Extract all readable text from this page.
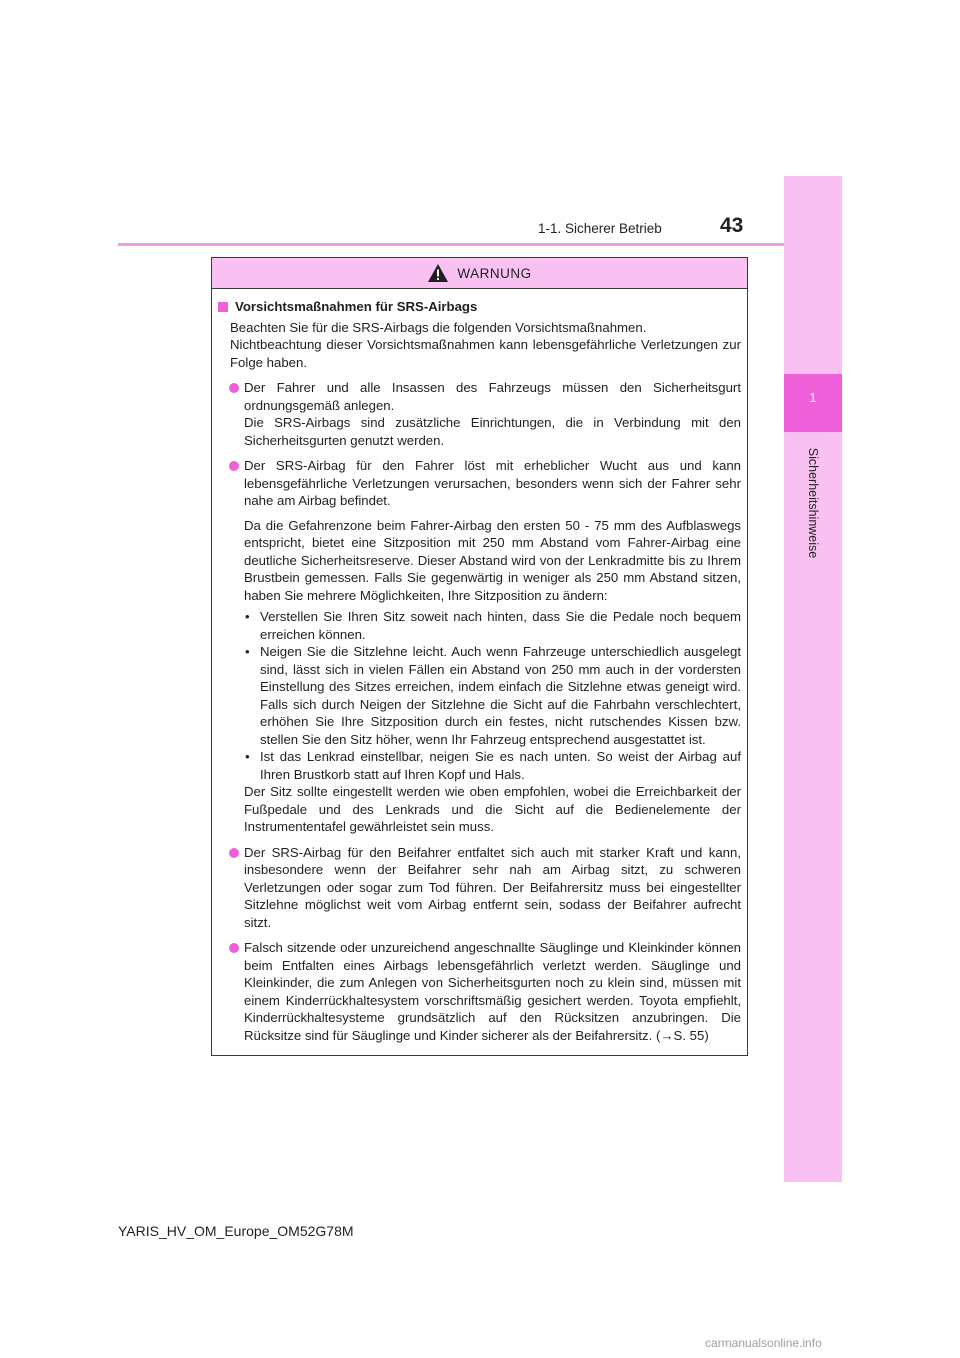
1
Sicherheitshinweise
1-1. Sicherer Betrieb	43
WARNUNG
Vorsichtsmaßnahmen für SRS-Airbags

Beachten Sie für die SRS-Airbags die folgenden Vorsichtsmaßnahmen.

Nichtbeachtung dieser Vorsichtsmaßnahmen kann lebensgefährliche Verletzungen zur Folge haben.

Der Fahrer und alle Insassen des Fahrzeugs müssen den Sicherheitsgurt ordnungsgemäß anlegen.

Die SRS-Airbags sind zusätzliche Einrichtungen, die in Verbindung mit den Sicherheitsgurten genutzt werden.

Der SRS-Airbag für den Fahrer löst mit erheblicher Wucht aus und kann lebensgefährliche Verletzungen verursachen, besonders wenn sich der Fahrer sehr nahe am Airbag befindet.

Da die Gefahrenzone beim Fahrer-Airbag den ersten 50 - 75 mm des Aufblaswegs entspricht, bietet eine Sitzposition mit 250 mm Abstand vom Fahrer-Airbag eine deutliche Sicherheitsreserve. Dieser Abstand wird von der Lenkradmitte bis zu Ihrem Brustbein gemessen. Falls Sie gegenwärtig in weniger als 250 mm Abstand sitzen, haben Sie mehrere Möglichkeiten, Ihre Sitzposition zu ändern:

• Verstellen Sie Ihren Sitz soweit nach hinten, dass Sie die Pedale noch bequem erreichen können.
• Neigen Sie die Sitzlehne leicht. Auch wenn Fahrzeuge unterschiedlich ausgelegt sind, lässt sich in vielen Fällen ein Abstand von 250 mm auch in der vordersten Einstellung des Sitzes erreichen, indem einfach die Sitzlehne etwas geneigt wird. Falls sich durch Neigen der Sitzlehne die Sicht auf die Fahrbahn verschlechtert, erhöhen Sie Ihre Sitzposition durch ein festes, nicht rutschendes Kissen bzw. stellen Sie den Sitz höher, wenn Ihr Fahrzeug entsprechend ausgestattet ist.
• Ist das Lenkrad einstellbar, neigen Sie es nach unten. So weist der Airbag auf Ihren Brustkorb statt auf Ihren Kopf und Hals.

Der Sitz sollte eingestellt werden wie oben empfohlen, wobei die Erreichbarkeit der Fußpedale und des Lenkrads und die Sicht auf die Bedienelemente der Instrumententafel gewährleistet sein muss.

Der SRS-Airbag für den Beifahrer entfaltet sich auch mit starker Kraft und kann, insbesondere wenn der Beifahrer sehr nah am Airbag sitzt, zu schweren Verletzungen oder sogar zum Tod führen. Der Beifahrersitz muss bei eingestellter Sitzlehne möglichst weit vom Airbag entfernt sein, sodass der Beifahrer aufrecht sitzt.

Falsch sitzende oder unzureichend angeschnallte Säuglinge und Kleinkinder können beim Entfalten eines Airbags lebensgefährlich verletzt werden. Säuglinge und Kleinkinder, die zum Anlegen von Sicherheitsgurten noch zu klein sind, müssen mit einem Kinderrückhaltesystem vorschriftsmäßig gesichert werden. Toyota empfiehlt, Kinderrückhaltesysteme grundsätzlich auf den Rücksitzen anzubringen. Die Rücksitze sind für Säuglinge und Kinder sicherer als der Beifahrersitz. (→S. 55)

YARIS_HV_OM_Europe_OM52G78M
carmanualsonline.info
